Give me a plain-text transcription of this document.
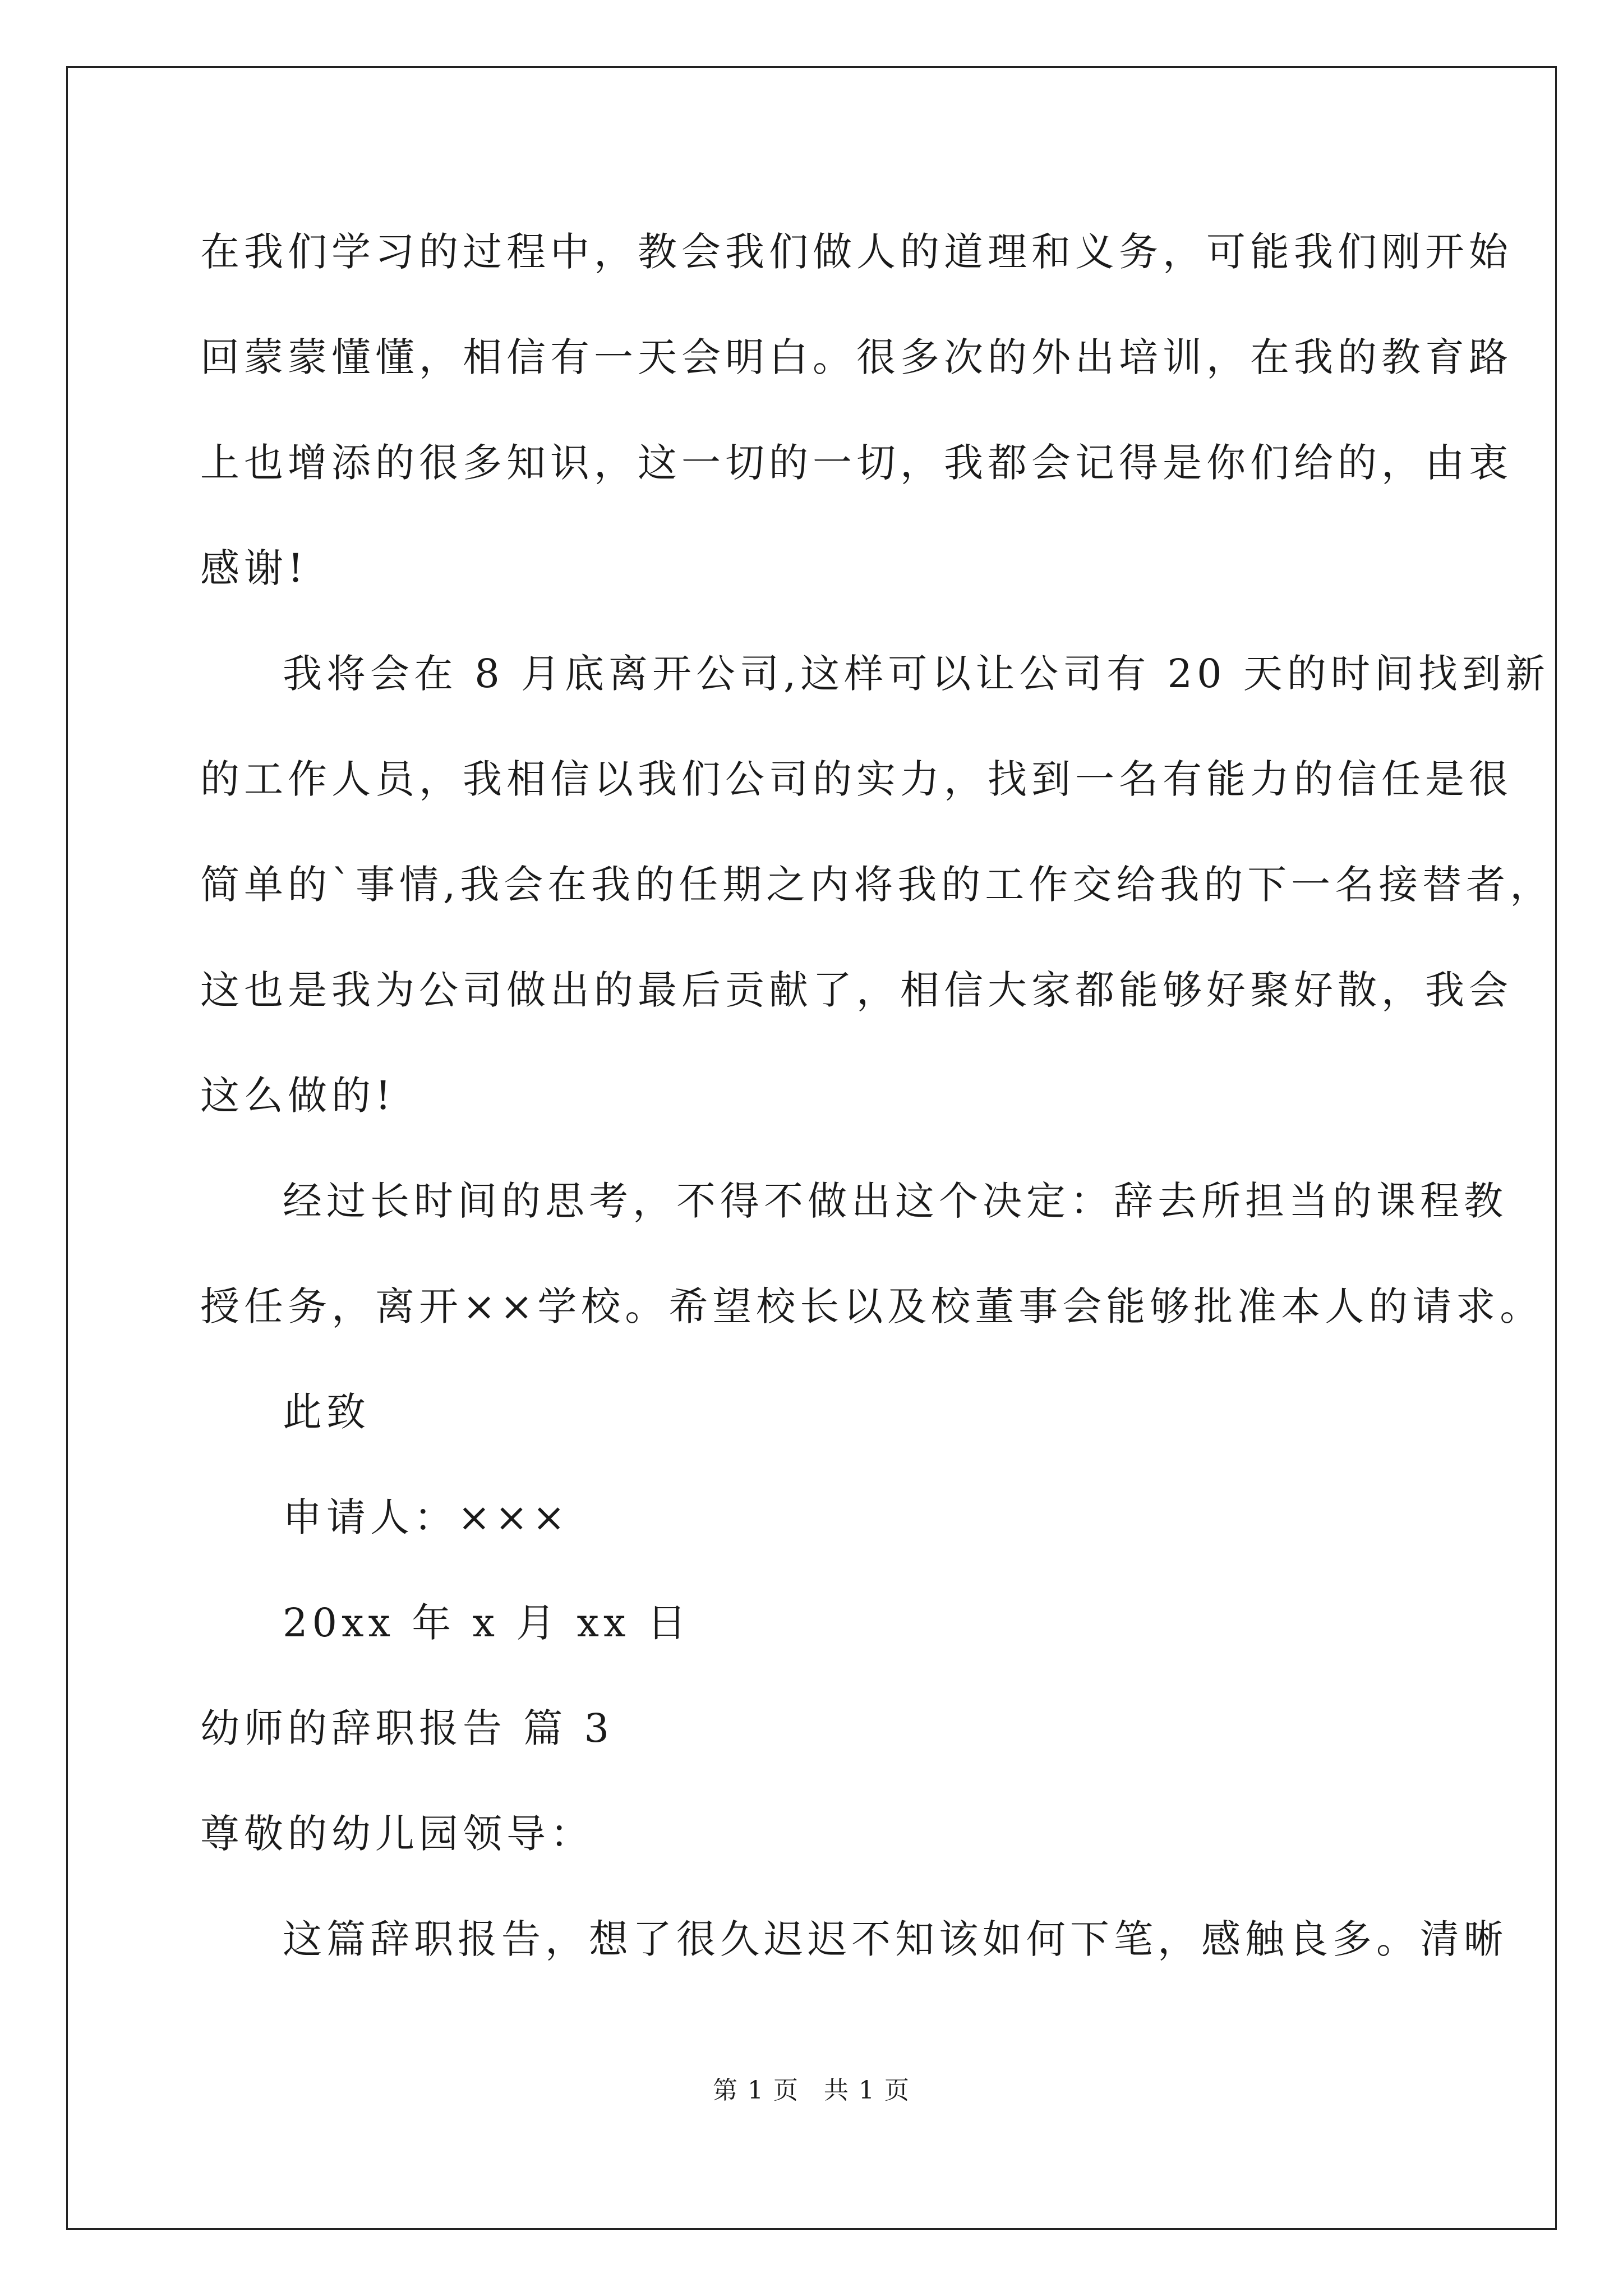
在我们学习的过程中，教会我们做人的道理和义务，可能我们刚开始
回蒙蒙懂懂，相信有一天会明白。很多次的外出培训，在我的教育路
上也增添的很多知识，这一切的一切，我都会记得是你们给的，由衷
感谢!
我将会在 8 月底离开公司,这样可以让公司有 20 天的时间找到新
的工作人员，我相信以我们公司的实力，找到一名有能力的信任是很
简单的`事情,我会在我的任期之内将我的工作交给我的下一名接替者，
这也是我为公司做出的最后贡献了，相信大家都能够好聚好散，我会
这么做的!
经过长时间的思考，不得不做出这个决定：辞去所担当的课程教
授任务，离开××学校。希望校长以及校董事会能够批准本人的请求。
此致
申请人：×××
20xx 年 x 月 xx 日
幼师的辞职报告 篇 3
尊敬的幼儿园领导：
这篇辞职报告，想了很久迟迟不知该如何下笔，感触良多。清晰
第 1 页 共 1 页
